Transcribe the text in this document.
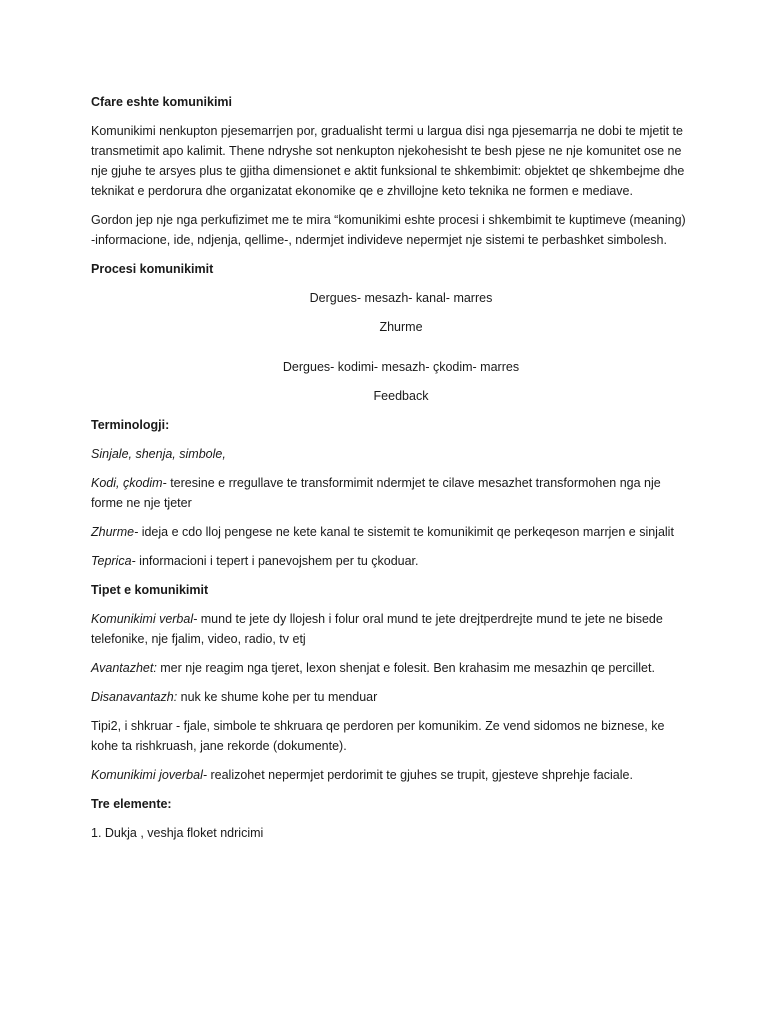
Cfare eshte komunikimi

Komunikimi nenkupton pjesemarrjen por, gradualisht termi u largua disi nga pjesemarrja ne dobi te mjetit te transmetimit apo kalimit. Thene ndryshe sot nenkupton njekohesisht te besh pjese ne nje komunitet ose ne nje gjuhe te arsyes plus te gjitha dimensionet e aktit funksional te shkembimit: objektet qe shkembejme dhe teknikat e perdorura dhe organizatat ekonomike qe e zhvillojne keto teknika ne formen e mediave.

Gordon jep nje nga perkufizimet me te mira “komunikimi eshte procesi i shkembimit te kuptimeve (meaning) -informacione, ide, ndjenja, qellime-, ndermjet individeve nepermjet nje sistemi te perbashket simbolesh.

Procesi komunikimit

Dergues- mesazh- kanal- marres

Zhurme

Dergues- kodimi- mesazh- çkodim- marres

Feedback

Terminologji:

Sinjale, shenja, simbole,

Kodi, çkodim- teresine e rregullave te transformimit ndermjet te cilave mesazhet transformohen nga nje forme ne nje tjeter

Zhurme- ideja e cdo lloj pengese ne kete kanal te sistemit te komunikimit qe perkeqeson marrjen e sinjalit

Teprica- informacioni i tepert i panevojshem per tu çkoduar.

Tipet e komunikimit

Komunikimi verbal- mund te jete dy llojesh i folur oral mund te jete drejtperdrejte mund te jete ne bisede telefonike, nje fjalim, video, radio, tv etj

Avantazhet: mer nje reagim nga tjeret, lexon shenjat e folesit. Ben krahasim me mesazhin qe percillet.

Disanavantazh: nuk ke shume kohe per tu menduar

Tipi2, i shkruar - fjale, simbole te shkruara qe perdoren per komunikim. Ze vend sidomos ne biznese, ke kohe ta rishkruash, jane rekorde (dokumente).

Komunikimi joverbal- realizohet nepermjet perdorimit te gjuhes se trupit, gjesteve shprehje faciale.

Tre elemente:

1. Dukja , veshja floket ndricimi
